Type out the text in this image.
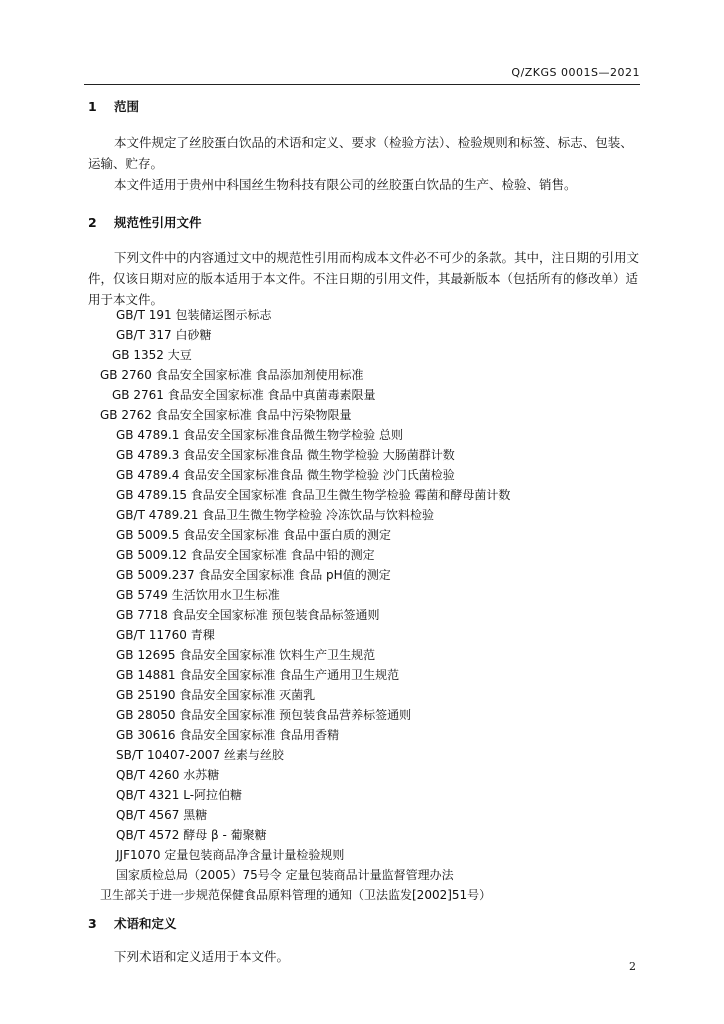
Q/ZKGS 0001S—2021
1 范围
本文件规定了丝胶蛋白饮品的术语和定义、要求（检验方法）、检验规则和标签、标志、包装、运输、贮存。
本文件适用于贵州中科国丝生物科技有限公司的丝胶蛋白饮品的生产、检验、销售。
2 规范性引用文件
下列文件中的内容通过文中的规范性引用而构成本文件必不可少的条款。其中，注日期的引用文件，仅该日期对应的版本适用于本文件。不注日期的引用文件，其最新版本（包括所有的修改单）适用于本文件。
GB/T 191 包装储运图示标志
GB/T 317 白砂糖
GB 1352 大豆
GB 2760 食品安全国家标准 食品添加剂使用标准
GB 2761 食品安全国家标准 食品中真菌毒素限量
GB 2762 食品安全国家标准 食品中污染物限量
GB 4789.1 食品安全国家标准食品微生物学检验 总则
GB 4789.3 食品安全国家标准食品 微生物学检验 大肠菌群计数
GB 4789.4 食品安全国家标准食品 微生物学检验 沙门氏菌检验
GB 4789.15 食品安全国家标准 食品卫生微生物学检验 霉菌和酵母菌计数
GB/T 4789.21 食品卫生微生物学检验 冷冻饮品与饮料检验
GB 5009.5 食品安全国家标准 食品中蛋白质的测定
GB 5009.12 食品安全国家标准 食品中铅的测定
GB 5009.237 食品安全国家标准 食品 pH值的测定
GB 5749 生活饮用水卫生标准
GB 7718 食品安全国家标准 预包装食品标签通则
GB/T 11760 青稞
GB 12695 食品安全国家标准 饮料生产卫生规范
GB 14881 食品安全国家标准 食品生产通用卫生规范
GB 25190 食品安全国家标准 灭菌乳
GB 28050 食品安全国家标准 预包装食品营养标签通则
GB 30616 食品安全国家标准 食品用香精
SB/T 10407-2007 丝素与丝胶
QB/T 4260 水苏糖
QB/T 4321 L-阿拉伯糖
QB/T 4567 黑糖
QB/T 4572 酵母 β - 葡聚糖
JJF1070 定量包装商品净含量计量检验规则
国家质检总局（2005）75号令 定量包装商品计量监督管理办法
卫生部关于进一步规范保健食品原料管理的通知（卫法监发[2002]51号）
3 术语和定义
下列术语和定义适用于本文件。
2
